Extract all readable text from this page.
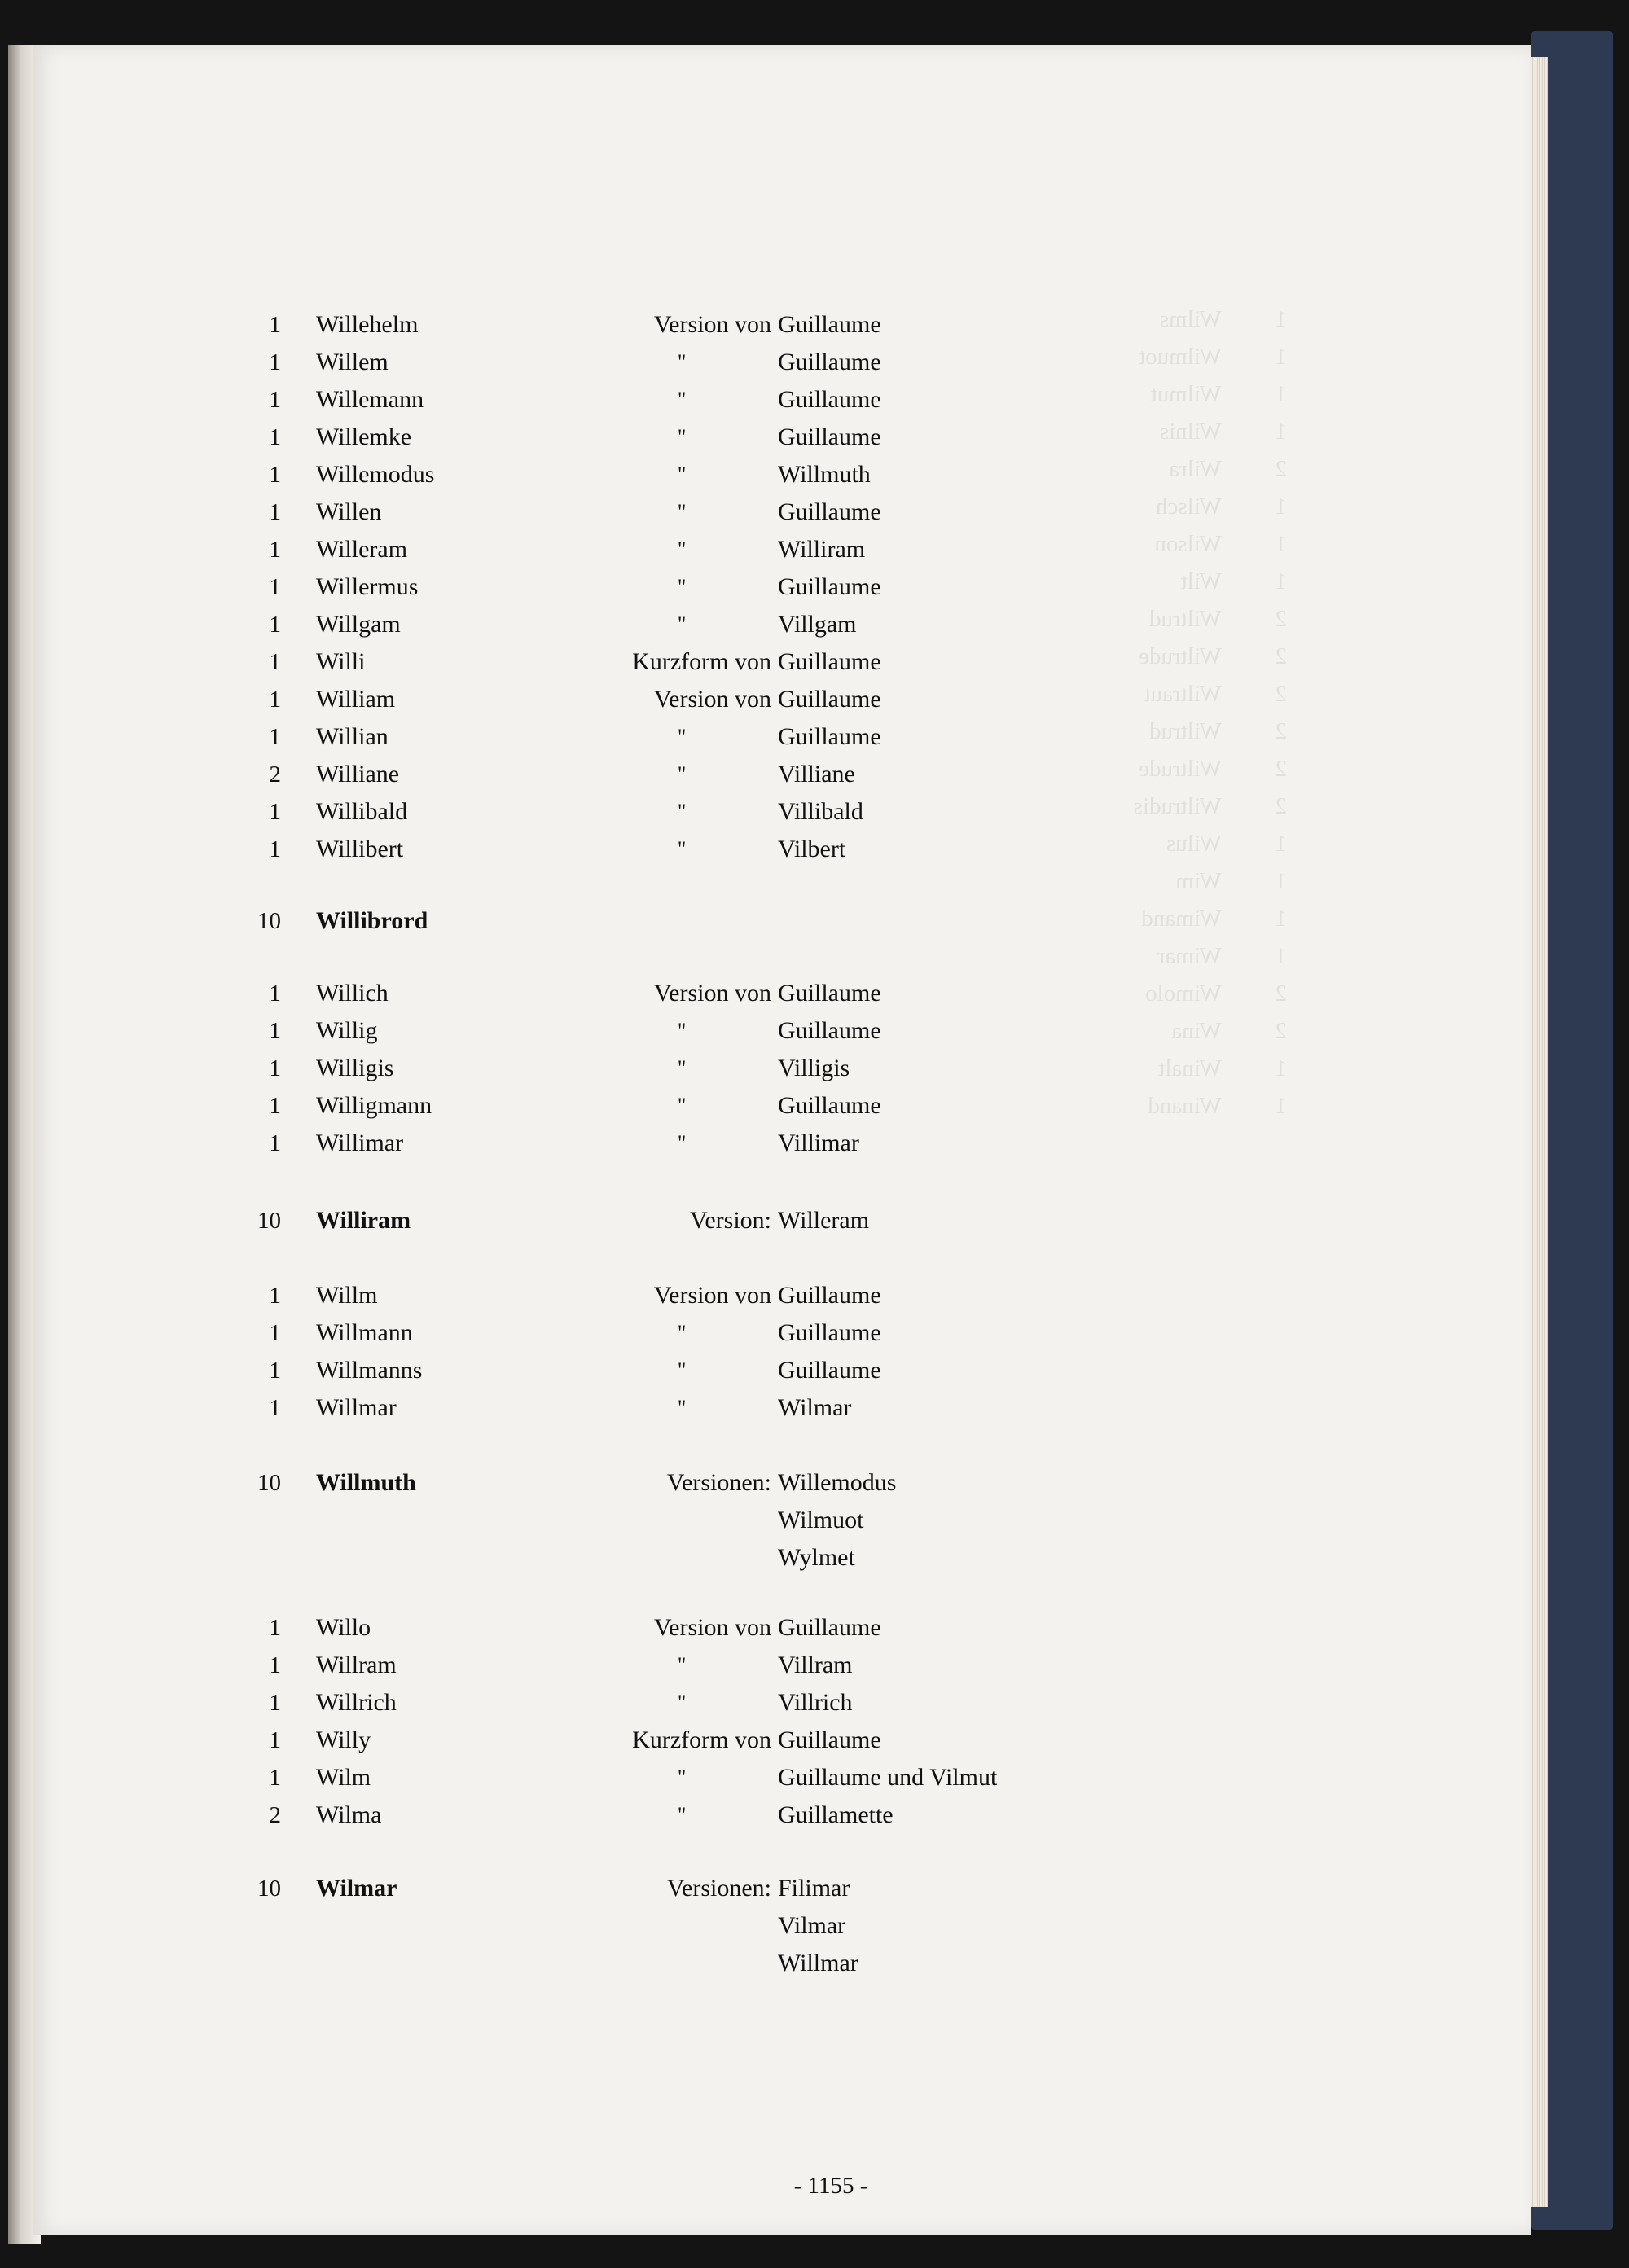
1 Willehelm	Version von Guillaume
1 Willem	"	Guillaume
1 Willemann	"	Guillaume
1 Willemke	"	Guillaume
1 Willemodus	"	Willmuth
1 Willen	"	Guillaume
1 Willeram	"	Williram
1 Willermus	"	Guillaume
1 Willgam	"	Villgam
1 Willi	Kurzform von Guillaume
1 William	Version von Guillaume
1 Willian	"	Guillaume
2 Williane	"	Villiane
1 Willibald	"	Villibald
1 Willibert	"	Vilbert
10 Willibrord
1 Willich	Version von Guillaume
1 Willig	"	Guillaume
1 Willigis	"	Villigis
1 Willigmann	"	Guillaume
1 Willimar	"	Villimar
10 Williram	Version: Willeram
1 Willm	Version von Guillaume
1 Willmann	"	Guillaume
1 Willmanns	"	Guillaume
1 Willmar	"	Wilmar
10 Willmuth	Versionen: Willemodus
Wilmuot
Wylmet
1 Willo	Version von Guillaume
1 Willram	"	Villram
1 Willrich	"	Villrich
1 Willy	Kurzform von Guillaume
1 Wilm	"	Guillaume und Vilmut
2 Wilma	"	Guillamette
10 Wilmar	Versionen: Filimar
Vilmar
Willmar
- 1155 -
